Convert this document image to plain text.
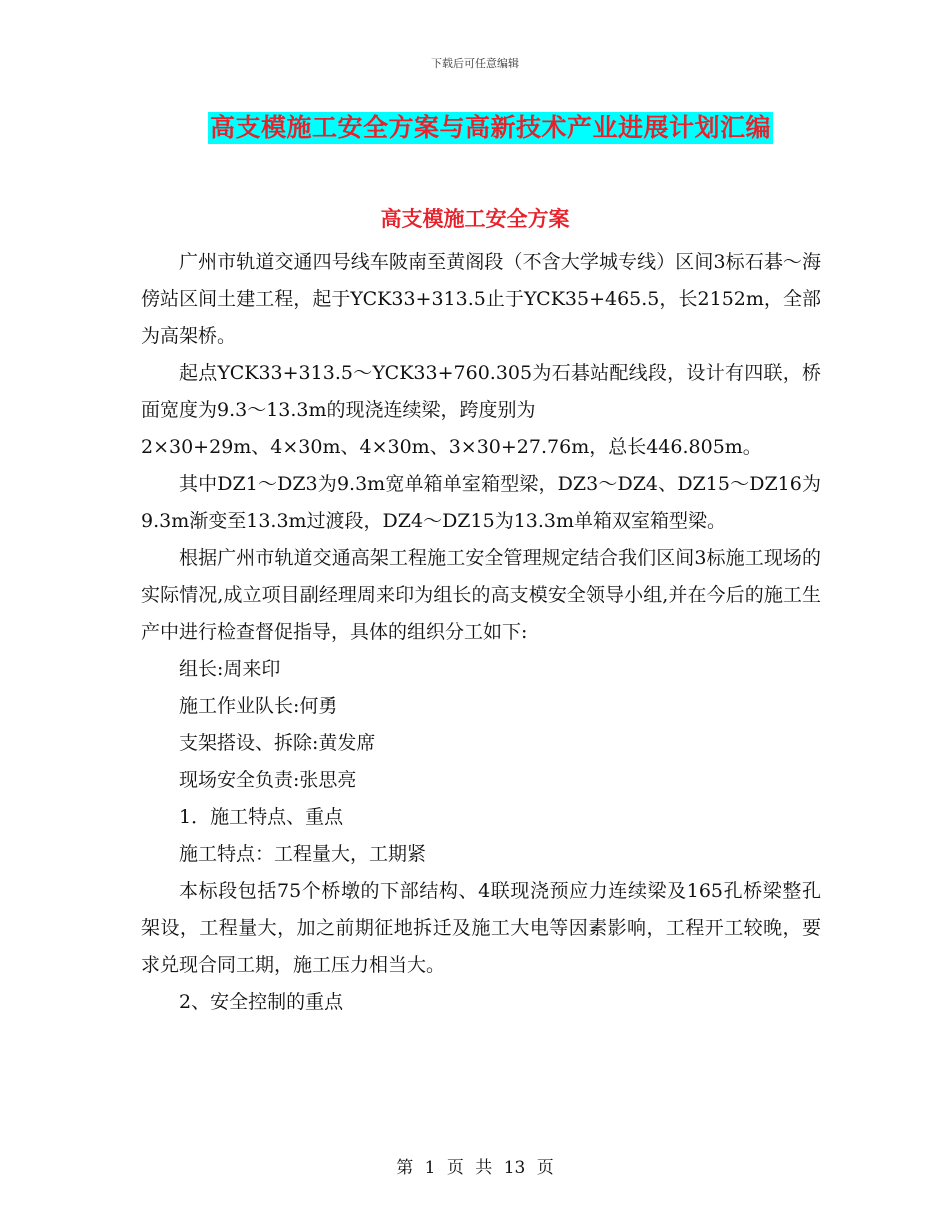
下载后可任意编辑
高支模施工安全方案与高新技术产业进展计划汇编
高支模施工安全方案

广州市轨道交通四号线车陂南至黄阁段（不含大学城专线）区间3标石碁～海傍站区间土建工程，起于YCK33+313.5止于YCK35+465.5，长2152m，全部为高架桥。

起点YCK33+313.5～YCK33+760.305为石碁站配线段，设计有四联，桥面宽度为9.3～13.3m的现浇连续梁，跨度别为

2×30+29m、4×30m、4×30m、3×30+27.76m，总长446.805m。

其中DZ1～DZ3为9.3m宽单箱单室箱型梁，DZ3～DZ4、DZ15～DZ16为9.3m渐变至13.3m过渡段，DZ4～DZ15为13.3m单箱双室箱型梁。

根据广州市轨道交通高架工程施工安全管理规定结合我们区间3标施工现场的实际情况,成立项目副经理周来印为组长的高支模安全领导小组,并在今后的施工生产中进行检查督促指导，具体的组织分工如下:

组长:周来印

施工作业队长:何勇

支架搭设、拆除:黄发席

现场安全负责:张思亮

1．施工特点、重点

施工特点：工程量大，工期紧

本标段包括75个桥墩的下部结构、4联现浇预应力连续梁及165孔桥梁整孔架设，工程量大，加之前期征地拆迁及施工大电等因素影响，工程开工较晚，要求兑现合同工期，施工压力相当大。

2、安全控制的重点

第 1 页 共 13 页
